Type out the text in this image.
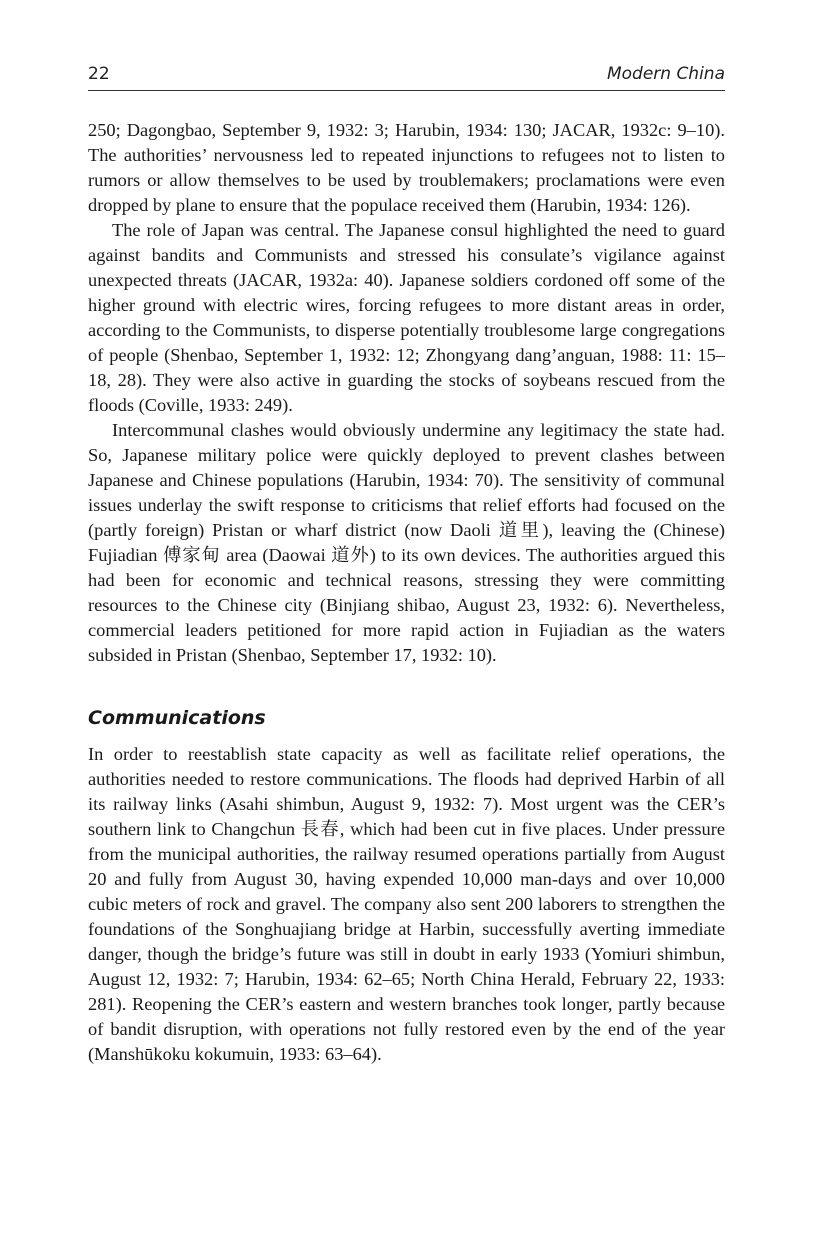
22	Modern China

250; Dagongbao, September 9, 1932: 3; Harubin, 1934: 130; JACAR, 1932c: 9–10). The authorities’ nervousness led to repeated injunctions to refugees not to listen to rumors or allow themselves to be used by troublemakers; proclamations were even dropped by plane to ensure that the populace received them (Harubin, 1934: 126).

The role of Japan was central. The Japanese consul highlighted the need to guard against bandits and Communists and stressed his consulate’s vigilance against unexpected threats (JACAR, 1932a: 40). Japanese soldiers cordoned off some of the higher ground with electric wires, forcing refugees to more distant areas in order, according to the Communists, to disperse potentially troublesome large congregations of people (Shenbao, September 1, 1932: 12; Zhongyang dang’anguan, 1988: 11: 15–18, 28). They were also active in guarding the stocks of soybeans rescued from the floods (Coville, 1933: 249).

Intercommunal clashes would obviously undermine any legitimacy the state had. So, Japanese military police were quickly deployed to prevent clashes between Japanese and Chinese populations (Harubin, 1934: 70). The sensitivity of communal issues underlay the swift response to criticisms that relief efforts had focused on the (partly foreign) Pristan or wharf district (now Daoli 道里), leaving the (Chinese) Fujiadian 傅家甸 area (Daowai 道外) to its own devices. The authorities argued this had been for economic and technical reasons, stressing they were committing resources to the Chinese city (Binjiang shibao, August 23, 1932: 6). Nevertheless, commercial leaders petitioned for more rapid action in Fujiadian as the waters subsided in Pristan (Shenbao, September 17, 1932: 10).

Communications

In order to reestablish state capacity as well as facilitate relief operations, the authorities needed to restore communications. The floods had deprived Harbin of all its railway links (Asahi shimbun, August 9, 1932: 7). Most urgent was the CER’s southern link to Changchun 長春, which had been cut in five places. Under pressure from the municipal authorities, the railway resumed operations partially from August 20 and fully from August 30, having expended 10,000 man-days and over 10,000 cubic meters of rock and gravel. The company also sent 200 laborers to strengthen the foundations of the Songhuajiang bridge at Harbin, successfully averting immediate danger, though the bridge’s future was still in doubt in early 1933 (Yomiuri shimbun, August 12, 1932: 7; Harubin, 1934: 62–65; North China Herald, February 22, 1933: 281). Reopening the CER’s eastern and western branches took longer, partly because of bandit disruption, with operations not fully restored even by the end of the year (Manshūkoku kokumuin, 1933: 63–64).
